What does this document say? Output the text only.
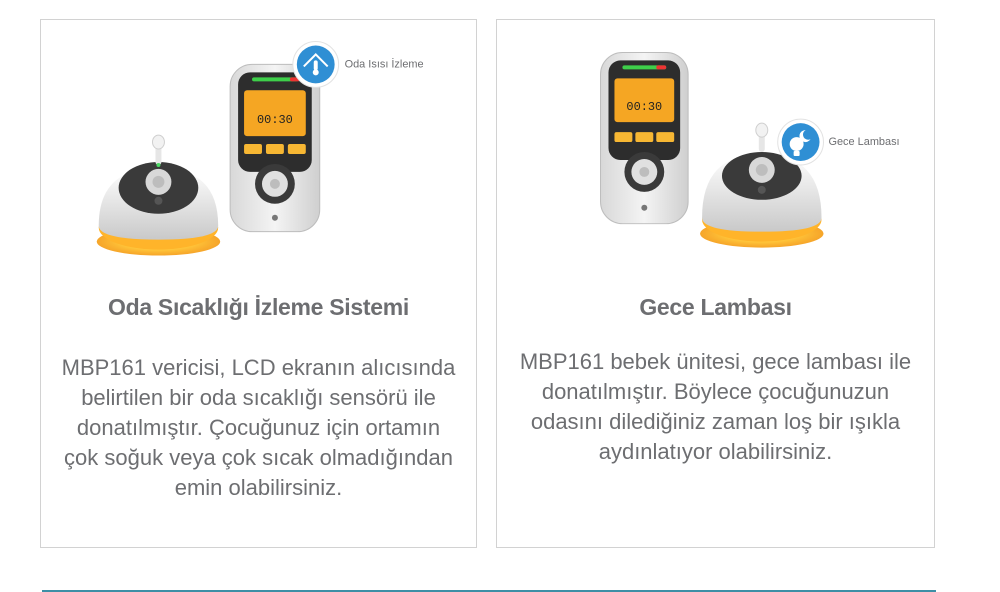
00:30
Oda Isısı İzleme
Oda Sıcaklığı İzleme Sistemi
MBP161 vericisi, LCD ekranın alıcısında belirtilen bir oda sıcaklığı sensörü ile donatılmıştır. Çocuğunuz için ortamın çok soğuk veya çok sıcak olmadığından emin olabilirsiniz.
00:30
Gece Lambası
Gece Lambası
MBP161 bebek ünitesi, gece lambası ile donatılmıştır. Böylece çocuğunuzun odasını dilediğiniz zaman loş bir ışıkla aydınlatıyor olabilirsiniz.
